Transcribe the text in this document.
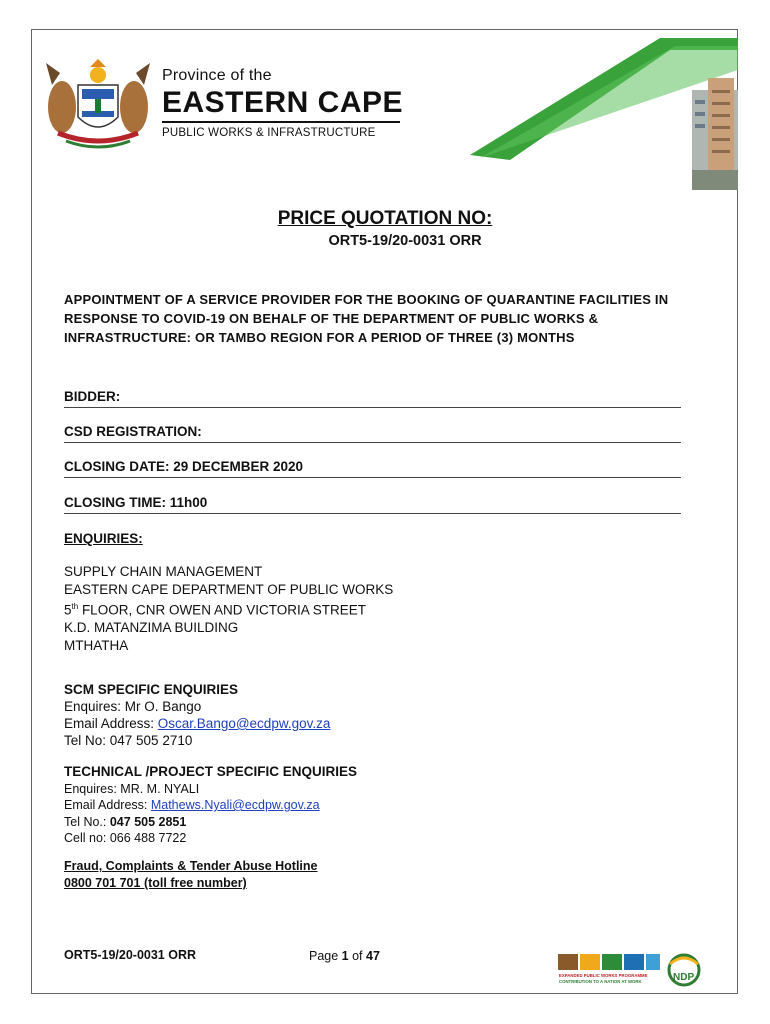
Province of the
EASTERN CAPE
PUBLIC WORKS & INFRASTRUCTURE
PRICE QUOTATION NO:
ORT5-19/20-0031 ORR
APPOINTMENT OF A SERVICE PROVIDER FOR THE BOOKING OF QUARANTINE FACILITIES IN RESPONSE TO COVID-19 ON BEHALF OF THE DEPARTMENT OF PUBLIC WORKS & INFRASTRUCTURE: OR TAMBO REGION FOR A PERIOD OF THREE (3) MONTHS
BIDDER:
CSD REGISTRATION:
CLOSING DATE: 29 DECEMBER 2020
CLOSING TIME: 11h00
ENQUIRIES:
SUPPLY CHAIN MANAGEMENT
EASTERN CAPE DEPARTMENT OF PUBLIC WORKS
5th FLOOR, CNR OWEN AND VICTORIA STREET
K.D. MATANZIMA BUILDING
MTHATHA
SCM SPECIFIC ENQUIRIES
Enquires: Mr O. Bango
Email Address: Oscar.Bango@ecdpw.gov.za
Tel No: 047 505 2710
TECHNICAL /PROJECT SPECIFIC ENQUIRIES
Enquires: MR. M. NYALI
Email Address: Mathews.Nyali@ecdpw.gov.za
Tel No.: 047 505 2851
Cell no: 066 488 7722
Fraud, Complaints & Tender Abuse Hotline
0800 701 701 (toll free number)
ORT5-19/20-0031 ORR	Page 1 of 47
EXPANDED PUBLIC WORKS PROGRAMME
CONTRIBUTION TO A NATION AT WORK	NDP
